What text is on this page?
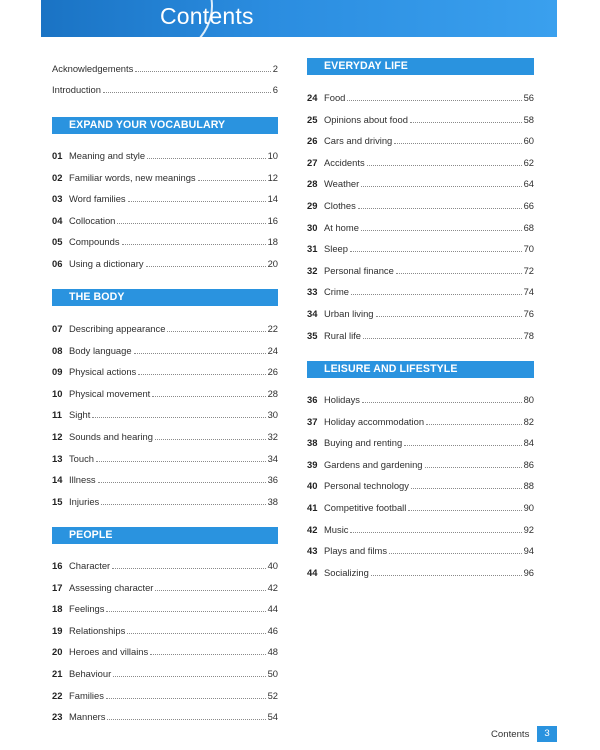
Contents
Acknowledgements	2
Introduction	6
EXPAND YOUR VOCABULARY
01 Meaning and style	10
02 Familiar words, new meanings	12
03 Word families	14
04 Collocation	16
05 Compounds	18
06 Using a dictionary	20
THE BODY
07 Describing appearance	22
08 Body language	24
09 Physical actions	26
10 Physical movement	28
11 Sight	30
12 Sounds and hearing	32
13 Touch	34
14 Illness	36
15 Injuries	38
PEOPLE
16 Character	40
17 Assessing character	42
18 Feelings	44
19 Relationships	46
20 Heroes and villains	48
21 Behaviour	50
22 Families	52
23 Manners	54
EVERYDAY LIFE
24 Food	56
25 Opinions about food	58
26 Cars and driving	60
27 Accidents	62
28 Weather	64
29 Clothes	66
30 At home	68
31 Sleep	70
32 Personal finance	72
33 Crime	74
34 Urban living	76
35 Rural life	78
LEISURE AND LIFESTYLE
36 Holidays	80
37 Holiday accommodation	82
38 Buying and renting	84
39 Gardens and gardening	86
40 Personal technology	88
41 Competitive football	90
42 Music	92
43 Plays and films	94
44 Socializing	96
Contents	3
